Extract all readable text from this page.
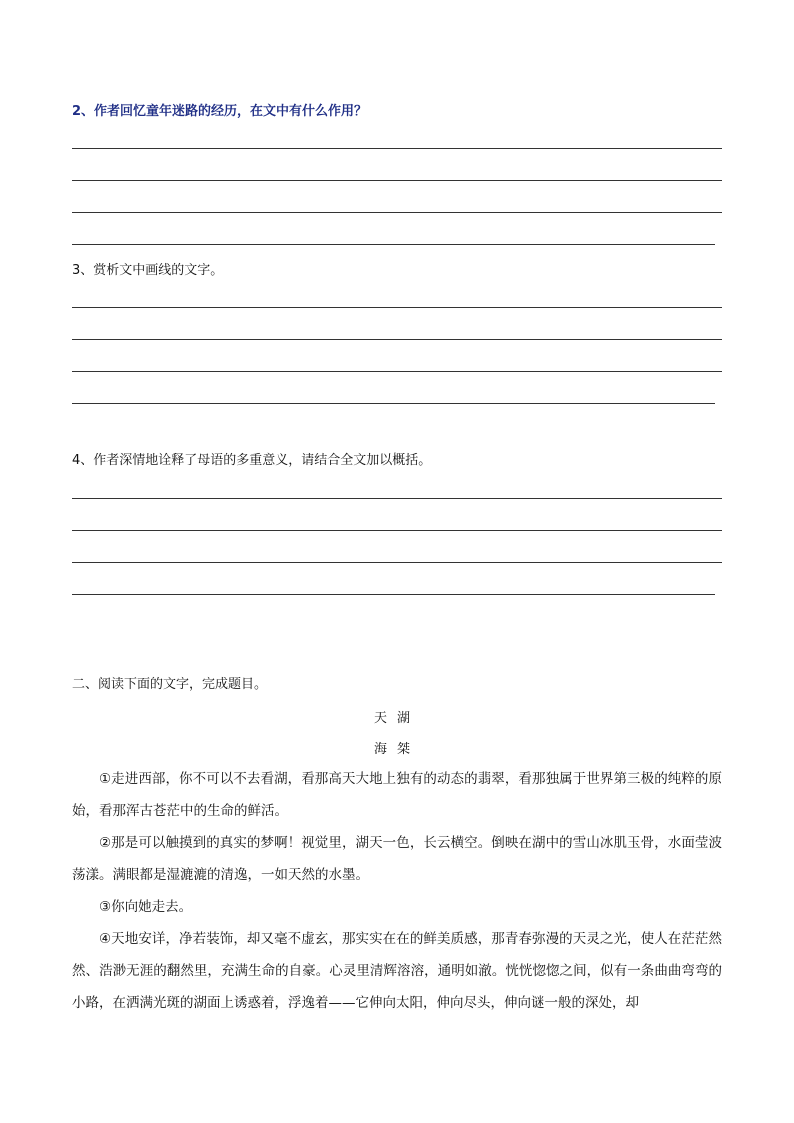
2、作者回忆童年迷路的经历，在文中有什么作用？
3、赏析文中画线的文字。
4、作者深情地诠释了母语的多重意义，请结合全文加以概括。
二、阅读下面的文字，完成题目。
天湖
海桀

①走进西部，你不可以不去看湖，看那高天大地上独有的动态的翡翠，看那独属于世界第三极的纯粹的原始，看那浑古苍茫中的生命的鲜活。

②那是可以触摸到的真实的梦啊！视觉里，湖天一色，长云横空。倒映在湖中的雪山冰肌玉骨，水面莹波荡漾。满眼都是湿漉漉的清逸，一如天然的水墨。

③你向她走去。

④天地安详，净若装饰，却又毫不虚玄，那实实在在的鲜美质感，那青春弥漫的天灵之光，使人在茫茫然然、浩渺无涯的翻然里，充满生命的自豪。心灵里清辉溶溶，通明如澈。恍恍惚惚之间，似有一条曲曲弯弯的小路，在洒满光斑的湖面上诱惑着，浮逸着——它伸向太阳，伸向尽头，伸向谜一般的深处，却
